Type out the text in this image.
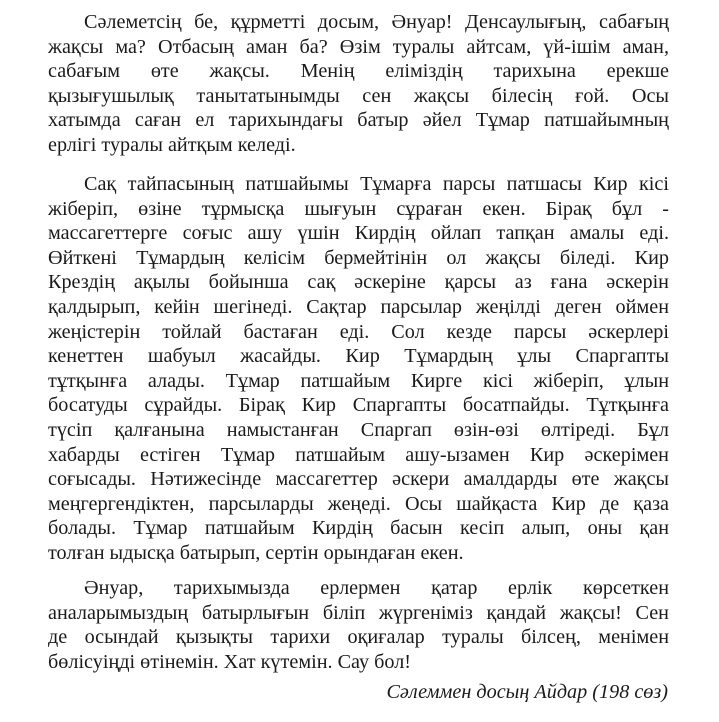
Сәлеметсің бе, құрметті досым, Әнуар! Денсаулығың, сабағың
жақсы ма? Отбасың аман ба? Өзім туралы айтсам, үй-ішім аман,
сабағым өте жақсы. Менің еліміздің тарихына ерекше
қызығушылық танытатынымды сен жақсы білесің ғой. Осы
хатымда саған ел тарихындағы батыр әйел Тұмар патшайымның
ерлігі туралы айтқым келеді.
Сақ тайпасының патшайымы Тұмарға парсы патшасы Кир кісі
жіберіп, өзіне тұрмысқа шығуын сұраған екен. Бірақ бұл -
массагеттерге соғыс ашу үшін Кирдің ойлап тапқан амалы еді.
Өйткені Тұмардың келісім бермейтінін ол жақсы біледі. Кир
Крездің ақылы бойынша сақ әскеріне қарсы аз ғана әскерін
қалдырып, кейін шегінеді. Сақтар парсылар жеңілді деген оймен
жеңістерін тойлай бастаған еді. Сол кезде парсы әскерлері
кенеттен шабуыл жасайды. Кир Тұмардың ұлы Спаргапты
тұтқынға алады. Тұмар патшайым Кирге кісі жіберіп, ұлын
босатуды сұрайды. Бірақ Кир Спаргапты босатпайды. Тұтқынға
түсіп қалғанына намыстанған Спаргап өзін-өзі өлтіреді. Бұл
хабарды естіген Тұмар патшайым ашу-ызамен Кир әскерімен
соғысады. Нәтижесінде массагеттер әскери амалдарды өте жақсы
меңгергендіктен, парсыларды жеңеді. Осы шайқаста Кир де қаза
болады. Тұмар патшайым Кирдің басын кесіп алып, оны қан
толған ыдысқа батырып, сертін орындаған екен.
Әнуар, тарихымызда ерлермен қатар ерлік көрсеткен
аналарымыздың батырлығын біліп жүргеніміз қандай жақсы! Сен
де осындай қызықты тарихи оқиғалар туралы білсең, менімен
бөлісуіңді өтінемін. Хат күтемін. Сау бол!
Сәлеммен досың Айдар (198 сөз)
